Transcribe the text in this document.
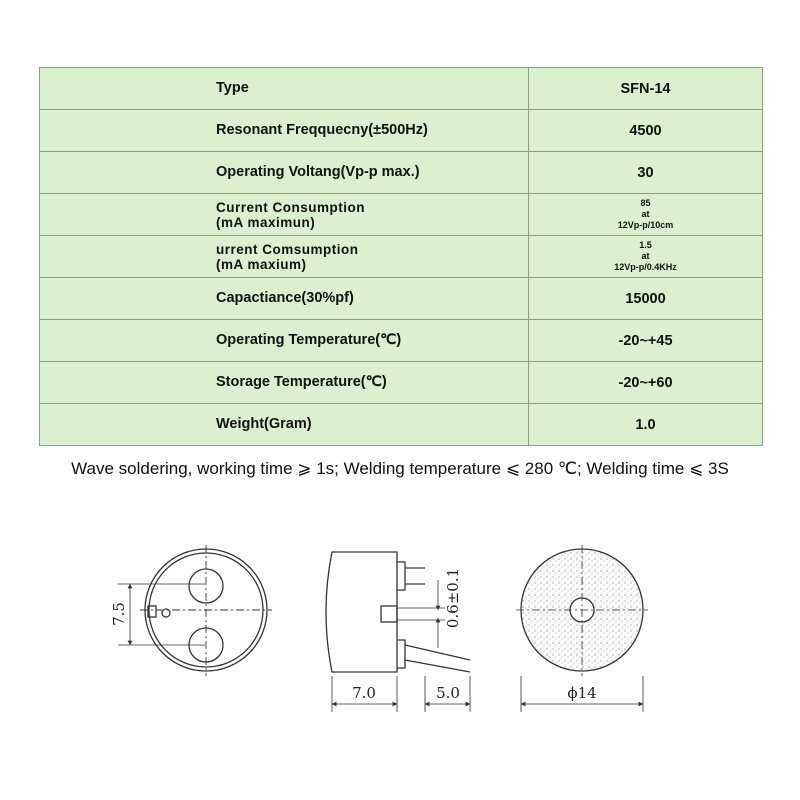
Type	SFN-14
Resonant Freqquecny(±500Hz)	4500
Operating Voltang(Vp-p max.)	30

Current Consumption
(mA maximun)	85
at
12Vp-p/10cm

urrent Comsumption
(mA maxium)	1.5
at
12Vp-p/0.4KHz

Capactiance(30%pf)	15000
Operating Temperature(℃)	-20~+45
Storage Temperature(℃)	-20~+60
Weight(Gram)	1.0
Wave soldering, working time ⩾ 1s; Welding temperature ⩽ 280 ℃; Welding time ⩽ 3S
7.5	0.6±0.1
7.0	5.0	ϕ14
